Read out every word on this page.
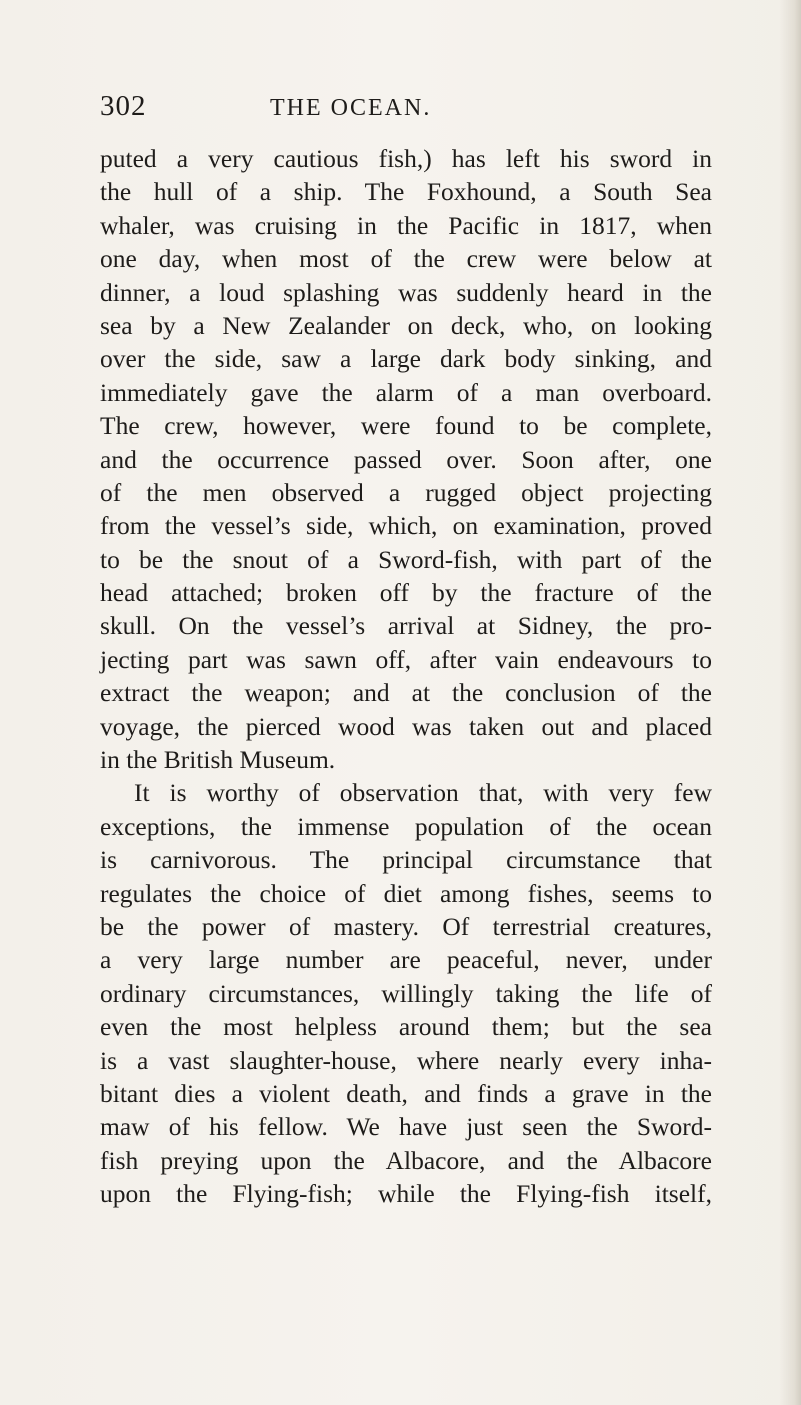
302	THE OCEAN.
puted a very cautious fish,) has left his sword in
the hull of a ship. The Foxhound, a South Sea
whaler, was cruising in the Pacific in 1817, when
one day, when most of the crew were below at
dinner, a loud splashing was suddenly heard in the
sea by a New Zealander on deck, who, on looking
over the side, saw a large dark body sinking, and
immediately gave the alarm of a man overboard.
The crew, however, were found to be complete,
and the occurrence passed over. Soon after, one
of the men observed a rugged object projecting
from the vessel’s side, which, on examination, proved
to be the snout of a Sword-fish, with part of the
head attached; broken off by the fracture of the
skull. On the vessel’s arrival at Sidney, the pro-
jecting part was sawn off, after vain endeavours to
extract the weapon; and at the conclusion of the
voyage, the pierced wood was taken out and placed
in the British Museum.
It is worthy of observation that, with very few
exceptions, the immense population of the ocean
is carnivorous. The principal circumstance that
regulates the choice of diet among fishes, seems to
be the power of mastery. Of terrestrial creatures,
a very large number are peaceful, never, under
ordinary circumstances, willingly taking the life of
even the most helpless around them; but the sea
is a vast slaughter-house, where nearly every inha-
bitant dies a violent death, and finds a grave in the
maw of his fellow. We have just seen the Sword-
fish preying upon the Albacore, and the Albacore
upon the Flying-fish; while the Flying-fish itself,
